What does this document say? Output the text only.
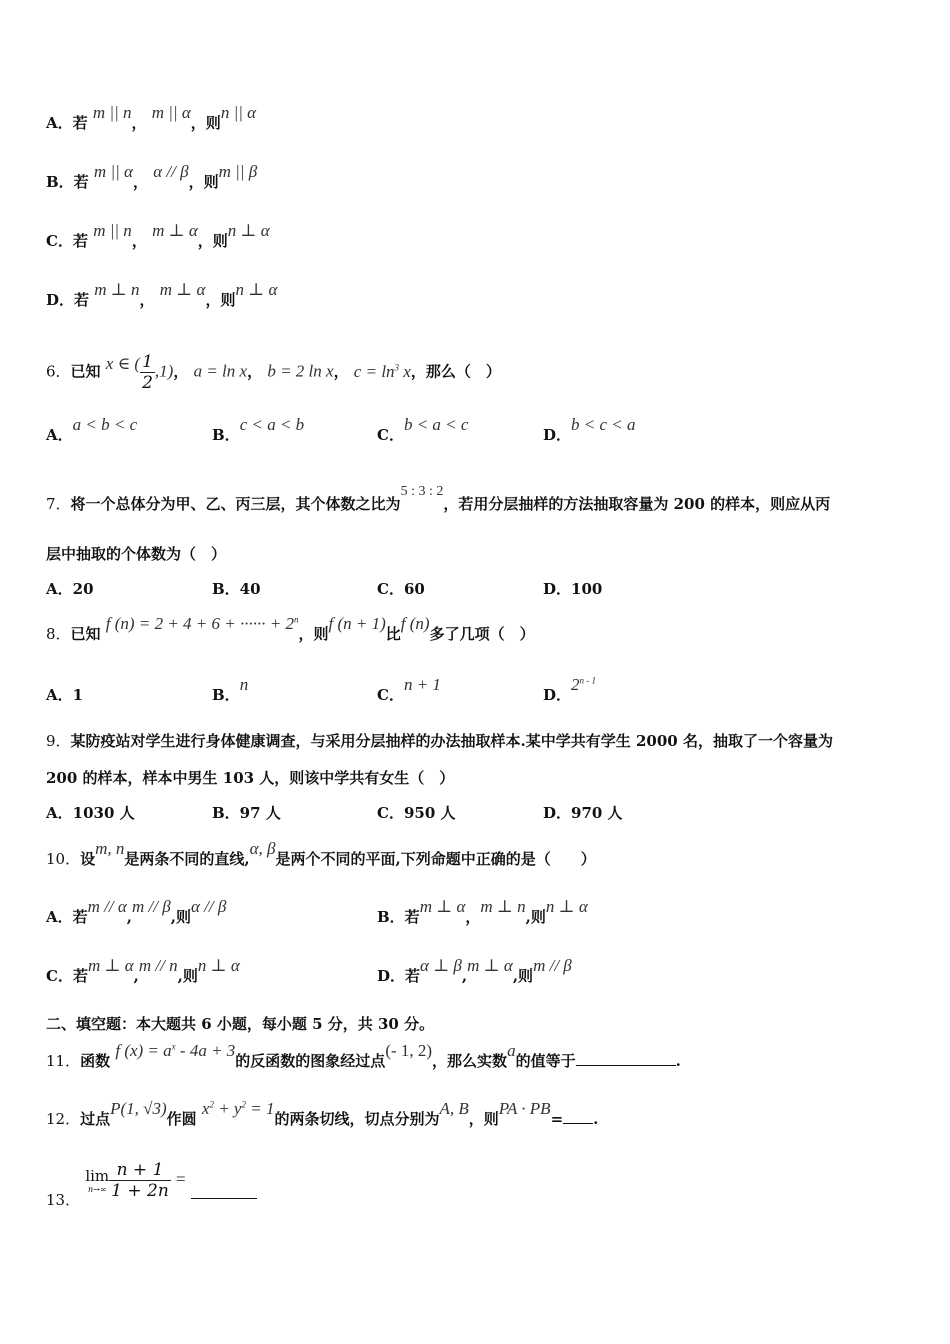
A．若 m || n， m || α，则n || α
B．若 m || α， α // β，则m || β
C．若 m || n， m ⊥ α，则n ⊥ α
D．若 m ⊥ n， m ⊥ α，则n ⊥ α
6．已知 x ∈ ( $\frac{1}{2} ,1$)， a = ln x， b = 2 ln x， $c = \ln^3 x$，那么（　）
A．a < b < c
B．c < a < b
C．b < a < c
D．b < c < a
7．将一个总体分为甲、乙、丙三层，其个体数之比为5 : 3 : 2，若用分层抽样的方法抽取容量为 200 的样本，则应从丙
层中抽取的个体数为（　）
A．20	B．40	C．60	D．100
8．已知 f (n) = 2 + 4 + 6 + ······ + $2^n$，则f (n + 1)比f (n)多了几项（　）
A．1	B．n
C．n + 1
D．2$^{n - 1}$
9．某防疫站对学生进行身体健康调查，与采用分层抽样的办法抽取样本.某中学共有学生 2000 名，抽取了一个容量为
200 的样本，样本中男生 103 人，则该中学共有女生（　）
A．1030 人	B．97 人	C．950 人	D．970 人
10．设m, n是两条不同的直线,α, β是两个不同的平面,下列命题中正确的是（　　）
A．若m // α,m // β,则α // β
B．若m ⊥ α，m ⊥ n,则n ⊥ α
C．若m ⊥ α,m // n,则n ⊥ α
D．若α ⊥ β,m ⊥ α,则m // β
二、填空题：本大题共 6 小题，每小题 5 分，共 30 分。
11．函数 f $(x) = a^x - 4a + 3$的反函数的图象经过点(- 1, 2)，那么实数a的值等于	.
12．过点P(1, √3)作圆 $x^2 + y^2 = 1$的两条切线，切点分别为A, B，则PA · PB= .
13．
lim
$n\to\infty \frac{n + 1}{1 + 2n}$ =
